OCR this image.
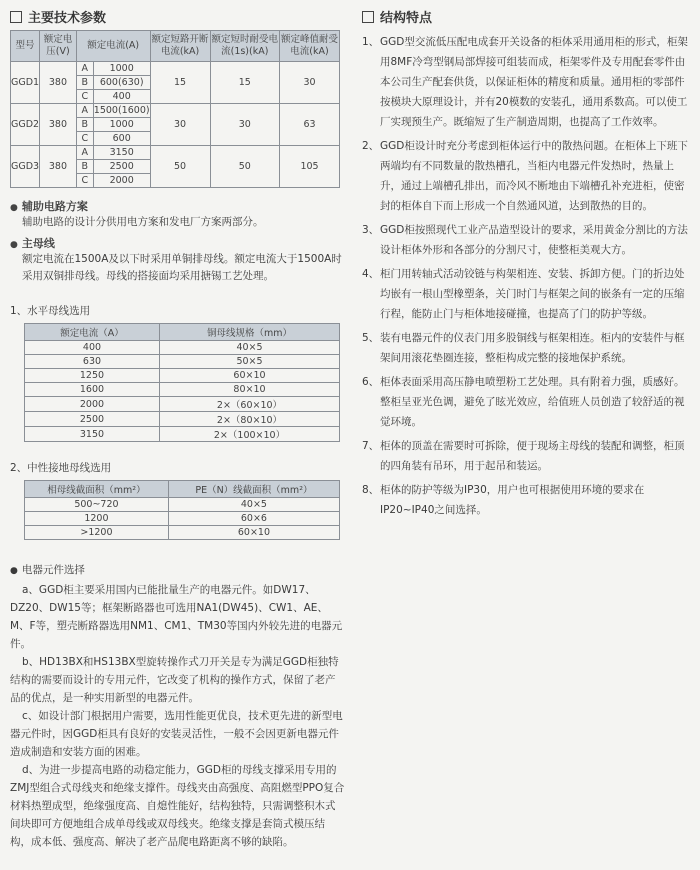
主要技术参数
型号	额定电压(V)	额定电流(A)		额定短路开断电流(kA)	额定短时耐受电流(1s)(kA)	额定峰值耐受电流(kA)
GGD1	380	A	1000	15	15	30
		B	600(630)			
		C	400			
GGD2	380	A	1500(1600)	30	30	63
		B	1000			
		C	600			
GGD3	380	A	3150	50	50	105
		B	2500			
		C	2000			
● 辅助电路方案

辅助电路的设计分供用电方案和发电厂方案两部分。

● 主母线

额定电流在1500A及以下时采用单铜排母线。额定电流大于1500A时采用双铜排母线。母线的搭接面均采用搪锡工艺处理。

1、水平母线选用
额定电流（A）	铜母线规格（mm）
400	40×5
630	50×5
1250	60×10
1600	80×10
2000	2×（60×10）
2500	2×（80×10）
3150	2×（100×10）
2、中性接地母线选用
相母线截面积（mm²）	PE（N）线截面积（mm²）
500~720	40×5
1200	60×6
>1200	60×10
● 电器元件选择

a、GGD柜主要采用国内已能批量生产的电器元件。如DW17、DZ20、DW15等；框架断路器也可选用NA1(DW45)、CW1、AE、M、F等，塑壳断路器选用NM1、CM1、TM30等国内外较先进的电器元件。

b、HD13BX和HS13BX型旋转操作式刀开关是专为满足GGD柜独特结构的需要而设计的专用元件，它改变了机构的操作方式，保留了老产品的优点，是一种实用新型的电器元件。

c、如设计部门根据用户需要，选用性能更优良，技术更先进的新型电器元件时，因GGD柜具有良好的安装灵活性，一般不会因更新电器元件造成制造和安装方面的困难。

d、为进一步提高电路的动稳定能力，GGD柜的母线支撑采用专用的ZMJ型组合式母线夹和绝缘支撑件。母线夹由高强度、高阻燃型PPO复合材料热塑成型，绝缘强度高、自熄性能好，结构独特，只需调整积木式间块即可方便地组合成单母线或双母线夹。绝缘支撑是套筒式模压结构，成本低、强度高、解决了老产品爬电路距离不够的缺陷。

结构特点
1、 GGD型交流低压配电成套开关设备的柜体采用通用柜的形式，柜架用8MF冷弯型钢局部焊接可组装而成，柜架零件及专用配套零件由本公司生产配套供货，以保证柜体的精度和质量。通用柜的零部件按模块大原理设计，并有20模数的安装孔，通用系数高。可以使工厂实现预生产。既缩短了生产制造周期，也提高了工作效率。
2、 GGD柜设计时充分考虑到柜体运行中的散热问题。在柜体上下班下两端均有不同数量的散热槽孔，当柜内电器元件发热时，热量上升，通过上端槽孔排出，而冷风不断地由下端槽孔补充进柜，使密封的柜体自下而上形成一个自然通风道，达到散热的目的。
3、 GGD柜按照现代工业产品造型设计的要求，采用黄金分割比的方法设计柜体外形和各部分的分割尺寸，使整柜美观大方。
4、 柜门用转轴式活动铰链与构架相连、安装、拆卸方便。门的折边处均嵌有一根山型橡塑条，关门时门与框架之间的嵌条有一定的压缩行程，能防止门与柜体地接碰撞，也提高了门的防护等级。
5、 装有电器元件的仪表门用多股铜线与框架相连。柜内的安装件与框架间用滚花垫圈连接，整柜构成完整的接地保护系统。
6、 柜体表面采用高压静电喷塑粉工艺处理。具有附着力强，质感好。整柜呈亚光色调，避免了眩光效应，给值班人员创造了较舒适的视觉环境。
7、 柜体的顶盖在需要时可拆除，便于现场主母线的装配和调整，柜顶的四角装有吊环，用于起吊和装运。
8、 柜体的防护等级为IP30，用户也可根据使用环境的要求在IP20~IP40之间选择。
